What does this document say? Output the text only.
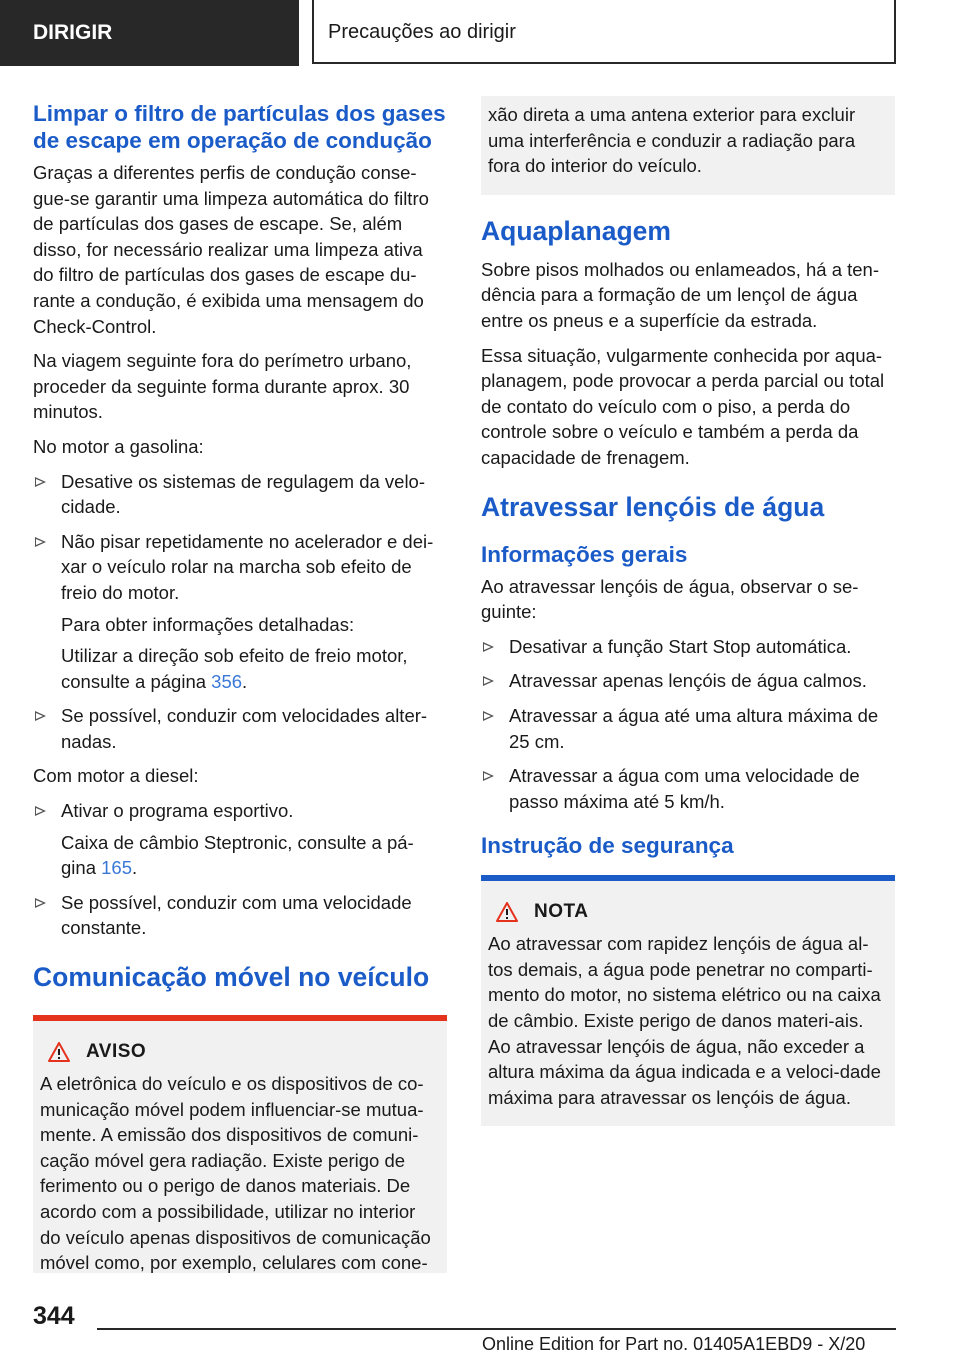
DIRIGIR	Precauções ao dirigir
Limpar o filtro de partículas dos gases de escape em operação de condução

Graças a diferentes perfis de condução conse-gue-se garantir uma limpeza automática do filtro de partículas dos gases de escape. Se, além disso, for necessário realizar uma limpeza ativa do filtro de partículas dos gases de escape du-rante a condução, é exibida uma mensagem do Check-Control.

Na viagem seguinte fora do perímetro urbano, proceder da seguinte forma durante aprox. 30 minutos.

No motor a gasolina:

Desative os sistemas de regulagem da velo-cidade.
Não pisar repetidamente no acelerador e dei-xar o veículo rolar na marcha sob efeito de freio do motor.

Para obter informações detalhadas:

Utilizar a direção sob efeito de freio motor, consulte a página 356.

Se possível, conduzir com velocidades alter-nadas.

Com motor a diesel:

Ativar o programa esportivo.

Caixa de câmbio Steptronic, consulte a pá-gina 165.

Se possível, conduzir com uma velocidade constante.
Comunicação móvel no veículo
AVISO

A eletrônica do veículo e os dispositivos de co-municação móvel podem influenciar-se mutua-mente. A emissão dos dispositivos de comuni-cação móvel gera radiação. Existe perigo de ferimento ou o perigo de danos materiais. De acordo com a possibilidade, utilizar no interior do veículo apenas dispositivos de comunicação móvel como, por exemplo, celulares com cone-

xão direta a uma antena exterior para excluir uma interferência e conduzir a radiação para fora do interior do veículo.

Aquaplanagem

Sobre pisos molhados ou enlameados, há a ten-dência para a formação de um lençol de água entre os pneus e a superfície da estrada.

Essa situação, vulgarmente conhecida por aqua-planagem, pode provocar a perda parcial ou total de contato do veículo com o piso, a perda do controle sobre o veículo e também a perda da capacidade de frenagem.

Atravessar lençóis de água
Informações gerais

Ao atravessar lençóis de água, observar o se-guinte:

Desativar a função Start Stop automática.
Atravessar apenas lençóis de água calmos.
Atravessar a água até uma altura máxima de 25 cm.
Atravessar a água com uma velocidade de passo máxima até 5 km/h.
Instrução de segurança
NOTA

Ao atravessar com rapidez lençóis de água al-tos demais, a água pode penetrar no comparti-mento do motor, no sistema elétrico ou na caixa de câmbio. Existe perigo de danos materi-ais. Ao atravessar lençóis de água, não exceder a altura máxima da água indicada e a veloci-dade máxima para atravessar os lençóis de água.

344
Online Edition for Part no. 01405A1EBD9 - X/20
